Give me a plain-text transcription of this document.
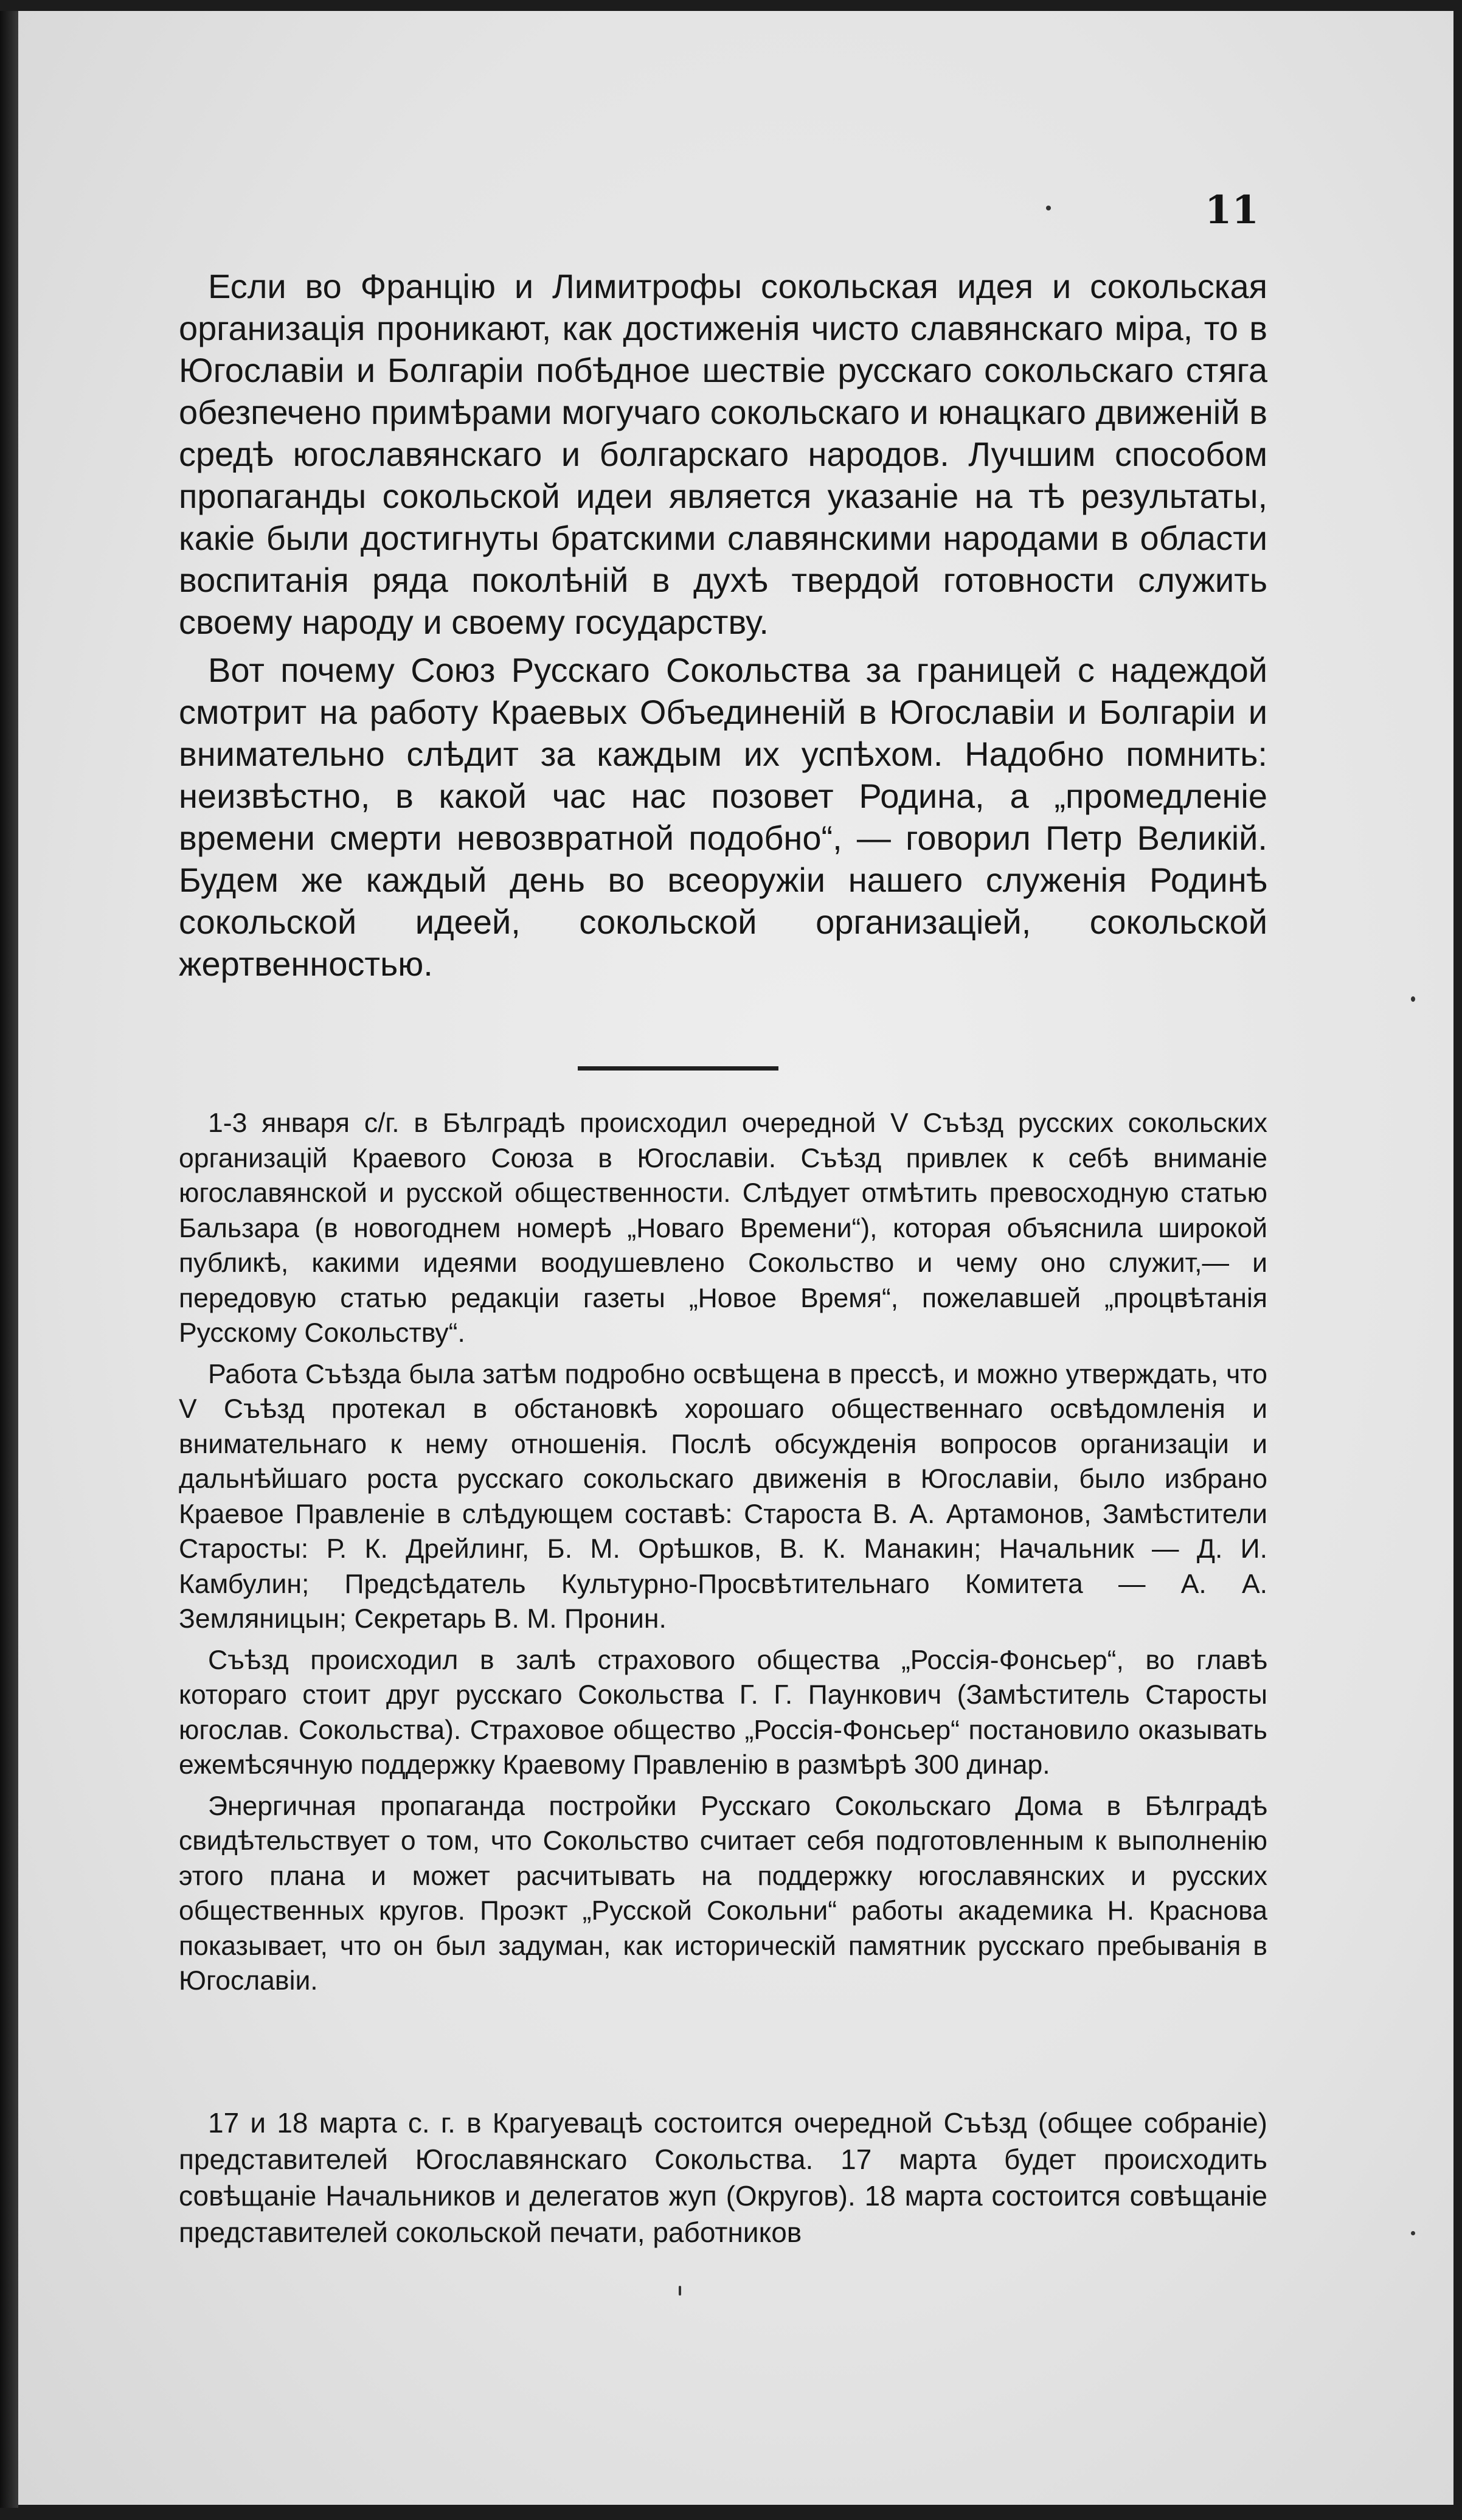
11

Если во Францію и Лимитрофы сокольская идея и сокольская организація проникают, как достиженія чисто славянскаго міра, то в Югославіи и Болгаріи побѣдное шествіе русскаго сокольскаго стяга обезпечено примѣрами могучаго сокольскаго и юнацкаго движеній в средѣ югославянскаго и болгарскаго народов. Лучшим способом пропаганды сокольской идеи является указаніе на тѣ результаты, какіе были достигнуты братскими славянскими народами в области воспитанія ряда поколѣній в духѣ твердой готовности служить своему народу и своему государству.

Вот почему Союз Русскаго Сокольства за границей с надеждой смотрит на работу Краевых Объединеній в Югославіи и Болгаріи и внимательно слѣдит за каждым их успѣхом. Надобно помнить: неизвѣстно, в какой час нас позовет Родина, а „промедленіе времени смерти невозвратной подобно“, — говорил Петр Великій. Будем же каждый день во всеоружіи нашего служенія Родинѣ сокольской идеей, сокольской организаціей, сокольской жертвенностью.

1-3 января с/г. в Бѣлградѣ происходил очередной V Съѣзд русских сокольских организацій Краевого Союза в Югославіи. Съѣзд привлек к себѣ вниманіе югославянской и русской общественности. Слѣдует отмѣтить превосходную статью Бальзара (в новогоднем номерѣ „Новаго Времени“), которая объяснила широкой публикѣ, какими идеями воодушевлено Сокольство и чему оно служит,— и передовую статью редакціи газеты „Новое Время“, пожелавшей „процвѣтанія Русскому Сокольству“.

Работа Съѣзда была затѣм подробно освѣщена в прессѣ, и можно утверждать, что V Съѣзд протекал в обстановкѣ хорошаго общественнаго освѣдомленія и внимательнаго к нему отношенія. Послѣ обсужденія вопросов организаціи и дальнѣйшаго роста русскаго сокольскаго движенія в Югославіи, было избрано Краевое Правленіе в слѣдующем составѣ: Староста В. А. Артамонов, Замѣстители Старосты: Р. К. Дрейлинг, Б. М. Орѣшков, В. К. Манакин; Начальник — Д. И. Камбулин; Предсѣдатель Культурно-Просвѣтительнаго Комитета — А. А. Земляницын; Секретарь В. М. Пронин.

Съѣзд происходил в залѣ страхового общества „Россія-Фонсьер“, во главѣ котораго стоит друг русскаго Сокольства Г. Г. Паункович (Замѣститель Старосты югослав. Сокольства). Страховое общество „Россія-Фонсьер“ постановило оказывать ежемѣсячную поддержку Краевому Правленію в размѣрѣ 300 динар.

Энергичная пропаганда постройки Русскаго Сокольскаго Дома в Бѣлградѣ свидѣтельствует о том, что Сокольство считает себя подготовленным к выполненію этого плана и может расчитывать на поддержку югославянских и русских общественных кругов. Проэкт „Русской Сокольни“ работы академика Н. Краснова показывает, что он был задуман, как историческій памятник русскаго пребыванія в Югославіи.

17 и 18 марта с. г. в Крагуевацѣ состоится очередной Съѣзд (общее собраніе) представителей Югославянскаго Сокольства. 17 марта будет происходить совѣщаніе Начальников и делегатов жуп (Округов). 18 марта состоится совѣщаніе представителей сокольской печати, работников
